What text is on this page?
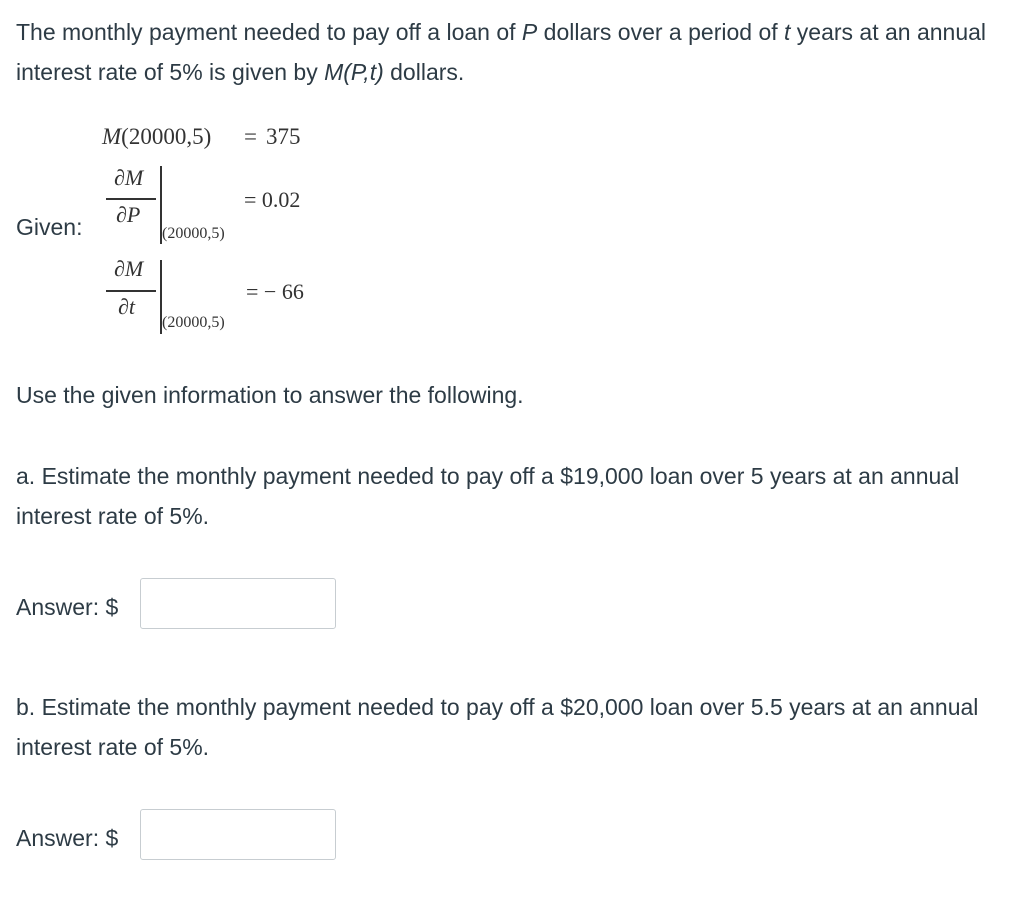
The monthly payment needed to pay off a loan of P dollars over a period of t years at an annual interest rate of 5% is given by M(P,t) dollars.

Given:
M(20000,5) = 375
∂M
∂P
(20000,5)
= 0.02
∂M
∂t
(20000,5)
= − 66

Use the given information to answer the following.

a. Estimate the monthly payment needed to pay off a $19,000 loan over 5 years at an annual interest rate of 5%.

Answer: $

b. Estimate the monthly payment needed to pay off a $20,000 loan over 5.5 years at an annual interest rate of 5%.

Answer: $
